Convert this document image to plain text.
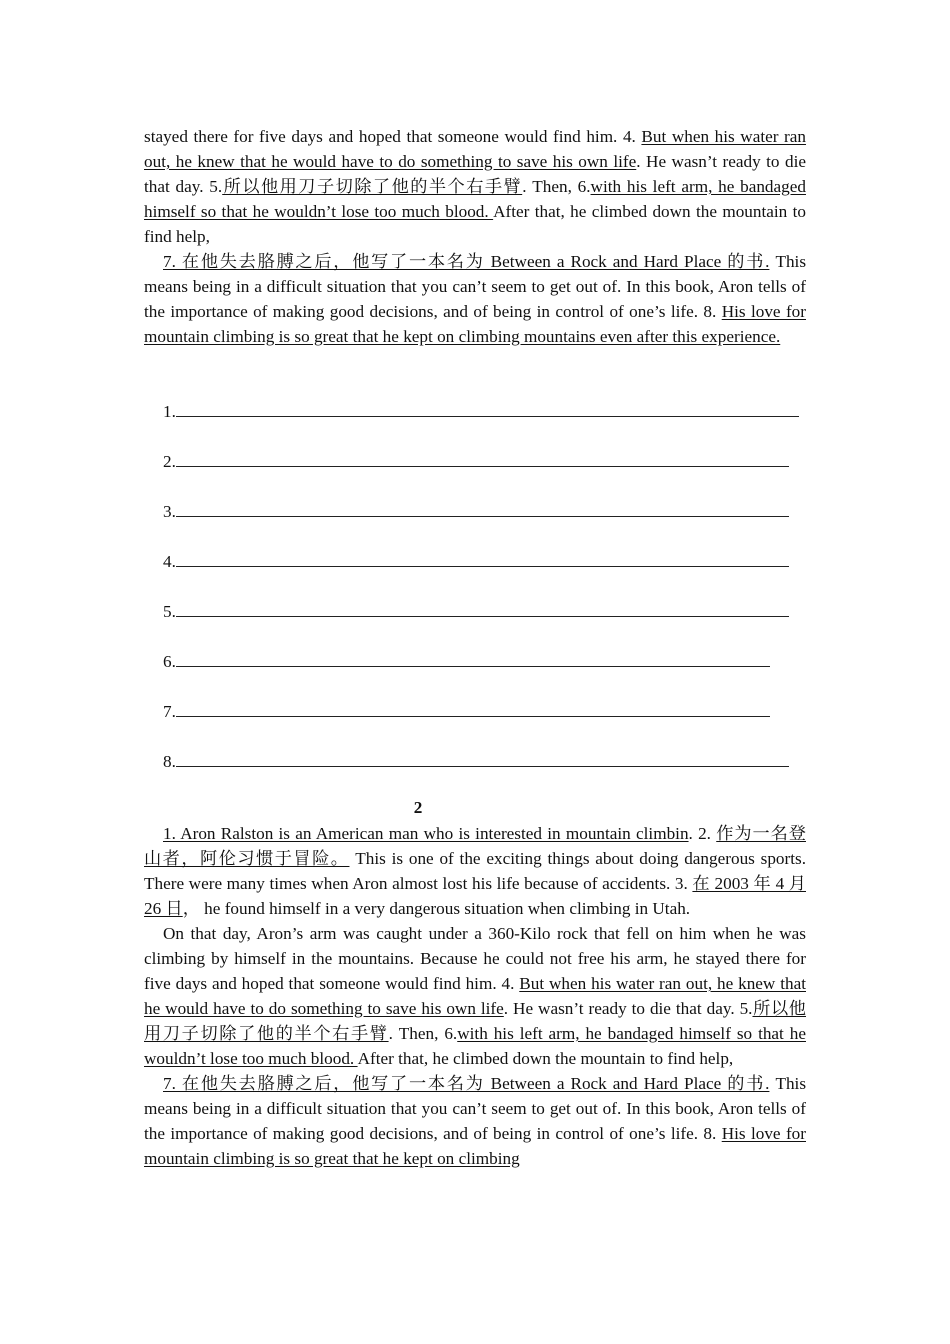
stayed there for five days and hoped that someone would find him. 4. But when his water ran out, he knew that he would have to do something to save his own life. He wasn’t ready to die that day. 5.所以他用刀子切除了他的半个右手臂. Then, 6.with his left arm, he bandaged himself so that he wouldn’t lose too much blood. After that, he climbed down the mountain to find help,

7. 在他失去胳膊之后，他写了一本名为 Between a Rock and Hard Place 的书. This means being in a difficult situation that you can’t seem to get out of. In this book, Aron tells of the importance of making good decisions, and of being in control of one’s life. 8. His love for mountain climbing is so great that he kept on climbing mountains even after this experience.

1.
2.
3.
4.
5.
6.
7.
8.
2

1. Aron Ralston is an American man who is interested in mountain climbin. 2. 作为一名登山者，阿伦习惯于冒险。 This is one of the exciting things about doing dangerous sports. There were many times when Aron almost lost his life because of accidents. 3. 在 2003 年 4 月 26 日， he found himself in a very dangerous situation when climbing in Utah.

On that day, Aron’s arm was caught under a 360-Kilo rock that fell on him when he was climbing by himself in the mountains. Because he could not free his arm, he stayed there for five days and hoped that someone would find him. 4. But when his water ran out, he knew that he would have to do something to save his own life. He wasn’t ready to die that day. 5.所以他用刀子切除了他的半个右手臂. Then, 6.with his left arm, he bandaged himself so that he wouldn’t lose too much blood. After that, he climbed down the mountain to find help,

7. 在他失去胳膊之后，他写了一本名为 Between a Rock and Hard Place 的书. This means being in a difficult situation that you can’t seem to get out of. In this book, Aron tells of the importance of making good decisions, and of being in control of one’s life. 8. His love for mountain climbing is so great that he kept on climbing
